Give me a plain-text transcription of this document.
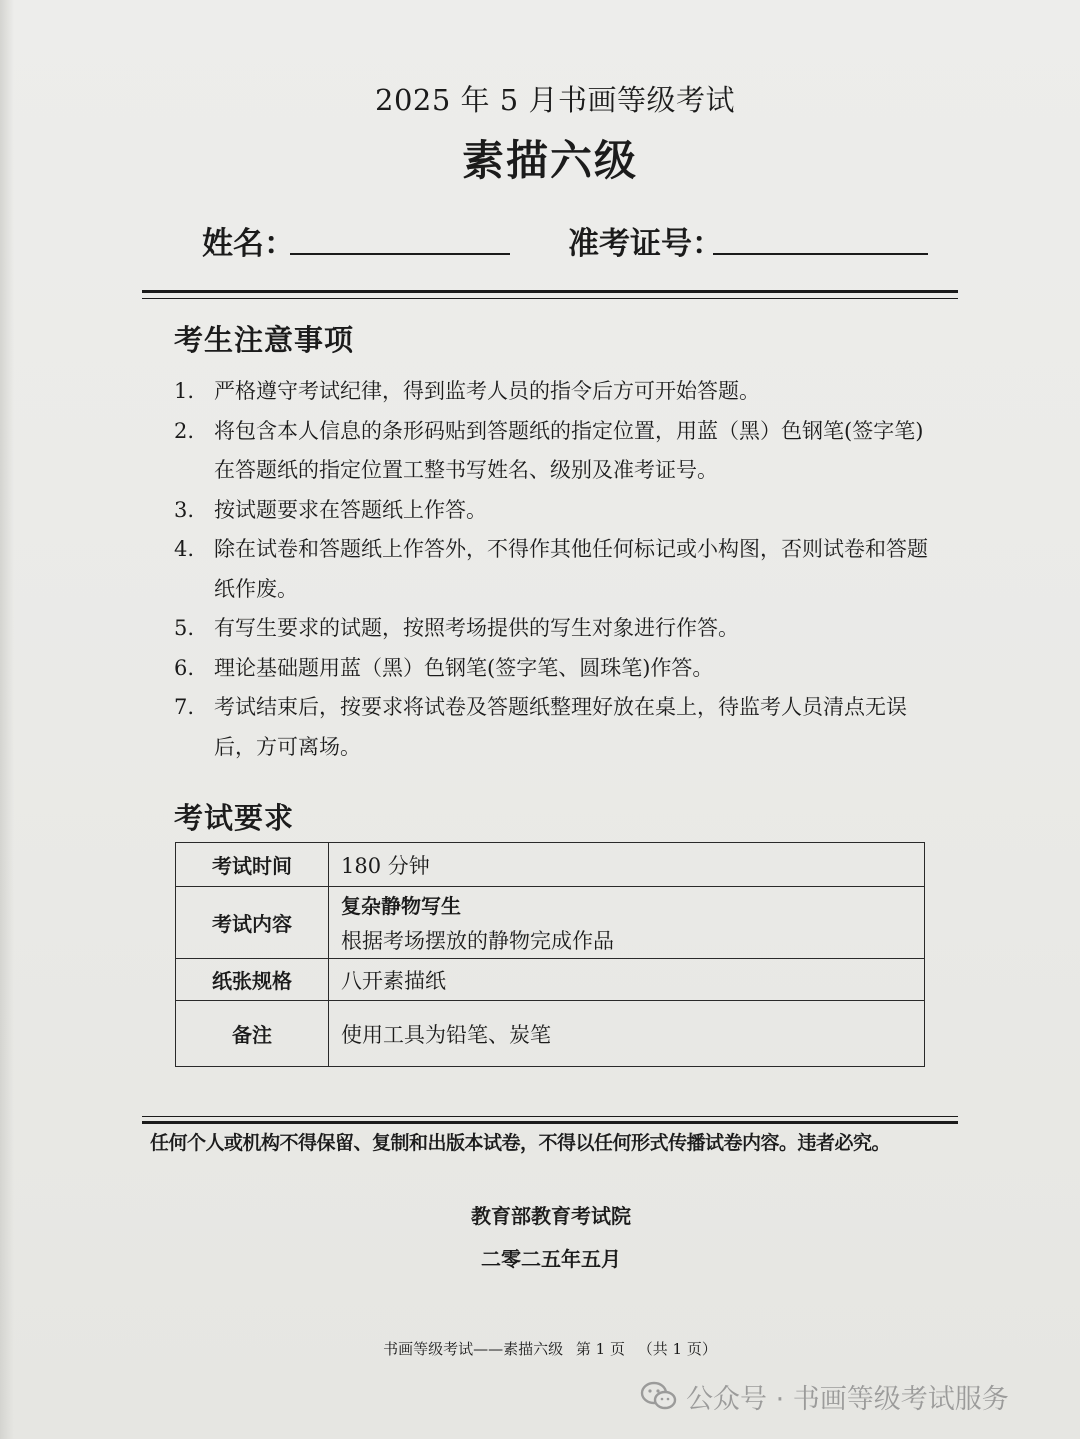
2025 年 5 月书画等级考试
素描六级
姓名：	准考证号：
考生注意事项
1. 严格遵守考试纪律，得到监考人员的指令后方可开始答题。
2. 将包含本人信息的条形码贴到答题纸的指定位置，用蓝（黑）色钢笔(签字笔)在答题纸的指定位置工整书写姓名、级别及准考证号。
3. 按试题要求在答题纸上作答。
4. 除在试卷和答题纸上作答外，不得作其他任何标记或小构图，否则试卷和答题纸作废。
5. 有写生要求的试题，按照考场提供的写生对象进行作答。
6. 理论基础题用蓝（黑）色钢笔(签字笔、圆珠笔)作答。
7. 考试结束后，按要求将试卷及答题纸整理好放在桌上，待监考人员清点无误后，方可离场。
考试要求
考试时间	180 分钟
考试内容	复杂静物写生
根据考场摆放的静物完成作品

纸张规格	八开素描纸
备注	使用工具为铅笔、炭笔
任何个人或机构不得保留、复制和出版本试卷，不得以任何形式传播试卷内容。违者必究。
教育部教育考试院
二零二五年五月
书画等级考试——素描六级 第 1 页 （共 1 页）
公众号 · 书画等级考试服务
